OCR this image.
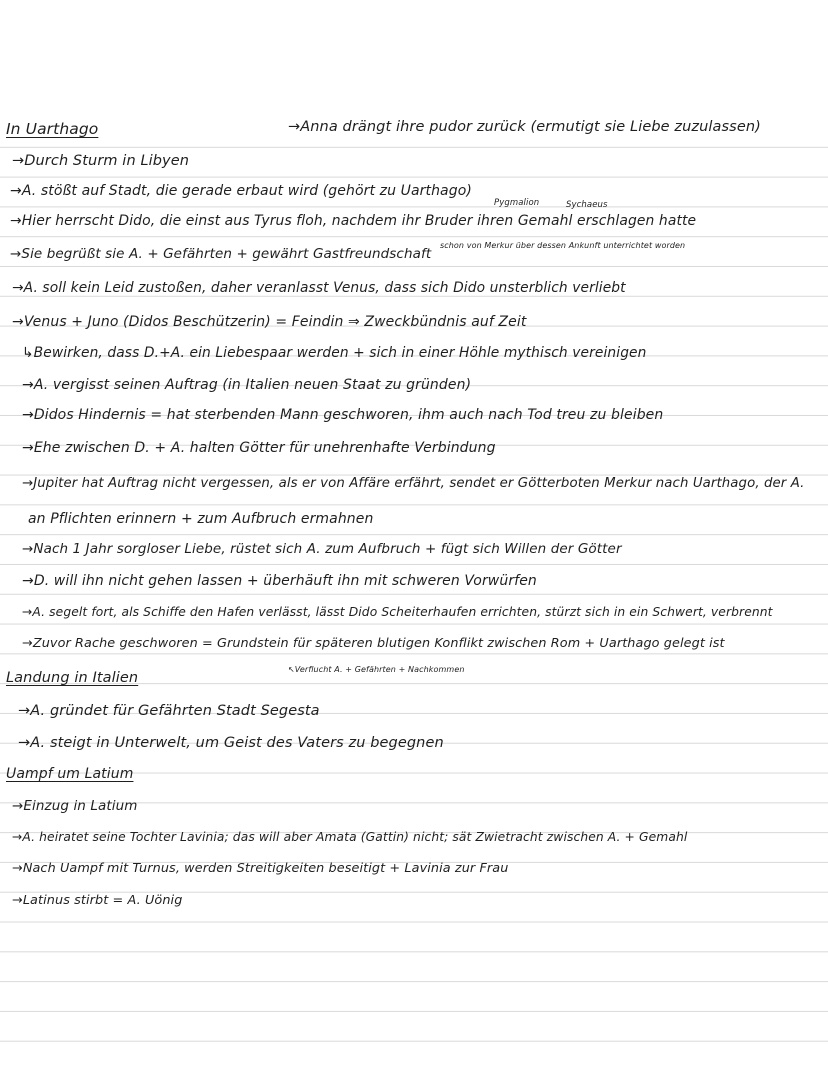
In Uarthago	→Anna drängt ihre pudor zurück (ermutigt sie Liebe zuzulassen)
→Durch Sturm in Libyen
→A. stößt auf Stadt, die gerade erbaut wird (gehört zu Uarthago)
Pygmalion	Sychaeus
→Hier herrscht Dido, die einst aus Tyrus floh, nachdem ihr Bruder ihren Gemahl erschlagen hatte
schon von Merkur über dessen Ankunft unterrichtet worden
→Sie begrüßt sie A. + Gefährten + gewährt Gastfreundschaft
→A. soll kein Leid zustoßen, daher veranlasst Venus, dass sich Dido unsterblich verliebt
→Venus + Juno (Didos Beschützerin) = Feindin ⇒ Zweckbündnis auf Zeit
↳Bewirken, dass D.+A. ein Liebespaar werden + sich in einer Höhle mythisch vereinigen
→A. vergisst seinen Auftrag (in Italien neuen Staat zu gründen)
→Didos Hindernis = hat sterbenden Mann geschworen, ihm auch nach Tod treu zu bleiben
→Ehe zwischen D. + A. halten Götter für unehrenhafte Verbindung
→Jupiter hat Auftrag nicht vergessen, als er von Affäre erfährt, sendet er Götterboten Merkur nach Uarthago, der A.
an Pflichten erinnern + zum Aufbruch ermahnen
→Nach 1 Jahr sorgloser Liebe, rüstet sich A. zum Aufbruch + fügt sich Willen der Götter
→D. will ihn nicht gehen lassen + überhäuft ihn mit schweren Vorwürfen
→A. segelt fort, als Schiffe den Hafen verlässt, lässt Dido Scheiterhaufen errichten, stürzt sich in ein Schwert, verbrennt
→Zuvor Rache geschworen = Grundstein für späteren blutigen Konflikt zwischen Rom + Uarthago gelegt ist
↖Verflucht A. + Gefährten + Nachkommen
Landung in Italien
→A. gründet für Gefährten Stadt Segesta
→A. steigt in Unterwelt, um Geist des Vaters zu begegnen
Uampf um Latium
→Einzug in Latium
→A. heiratet seine Tochter Lavinia; das will aber Amata (Gattin) nicht; sät Zwietracht zwischen A. + Gemahl
→Nach Uampf mit Turnus, werden Streitigkeiten beseitigt + Lavinia zur Frau
→Latinus stirbt = A. Uönig
